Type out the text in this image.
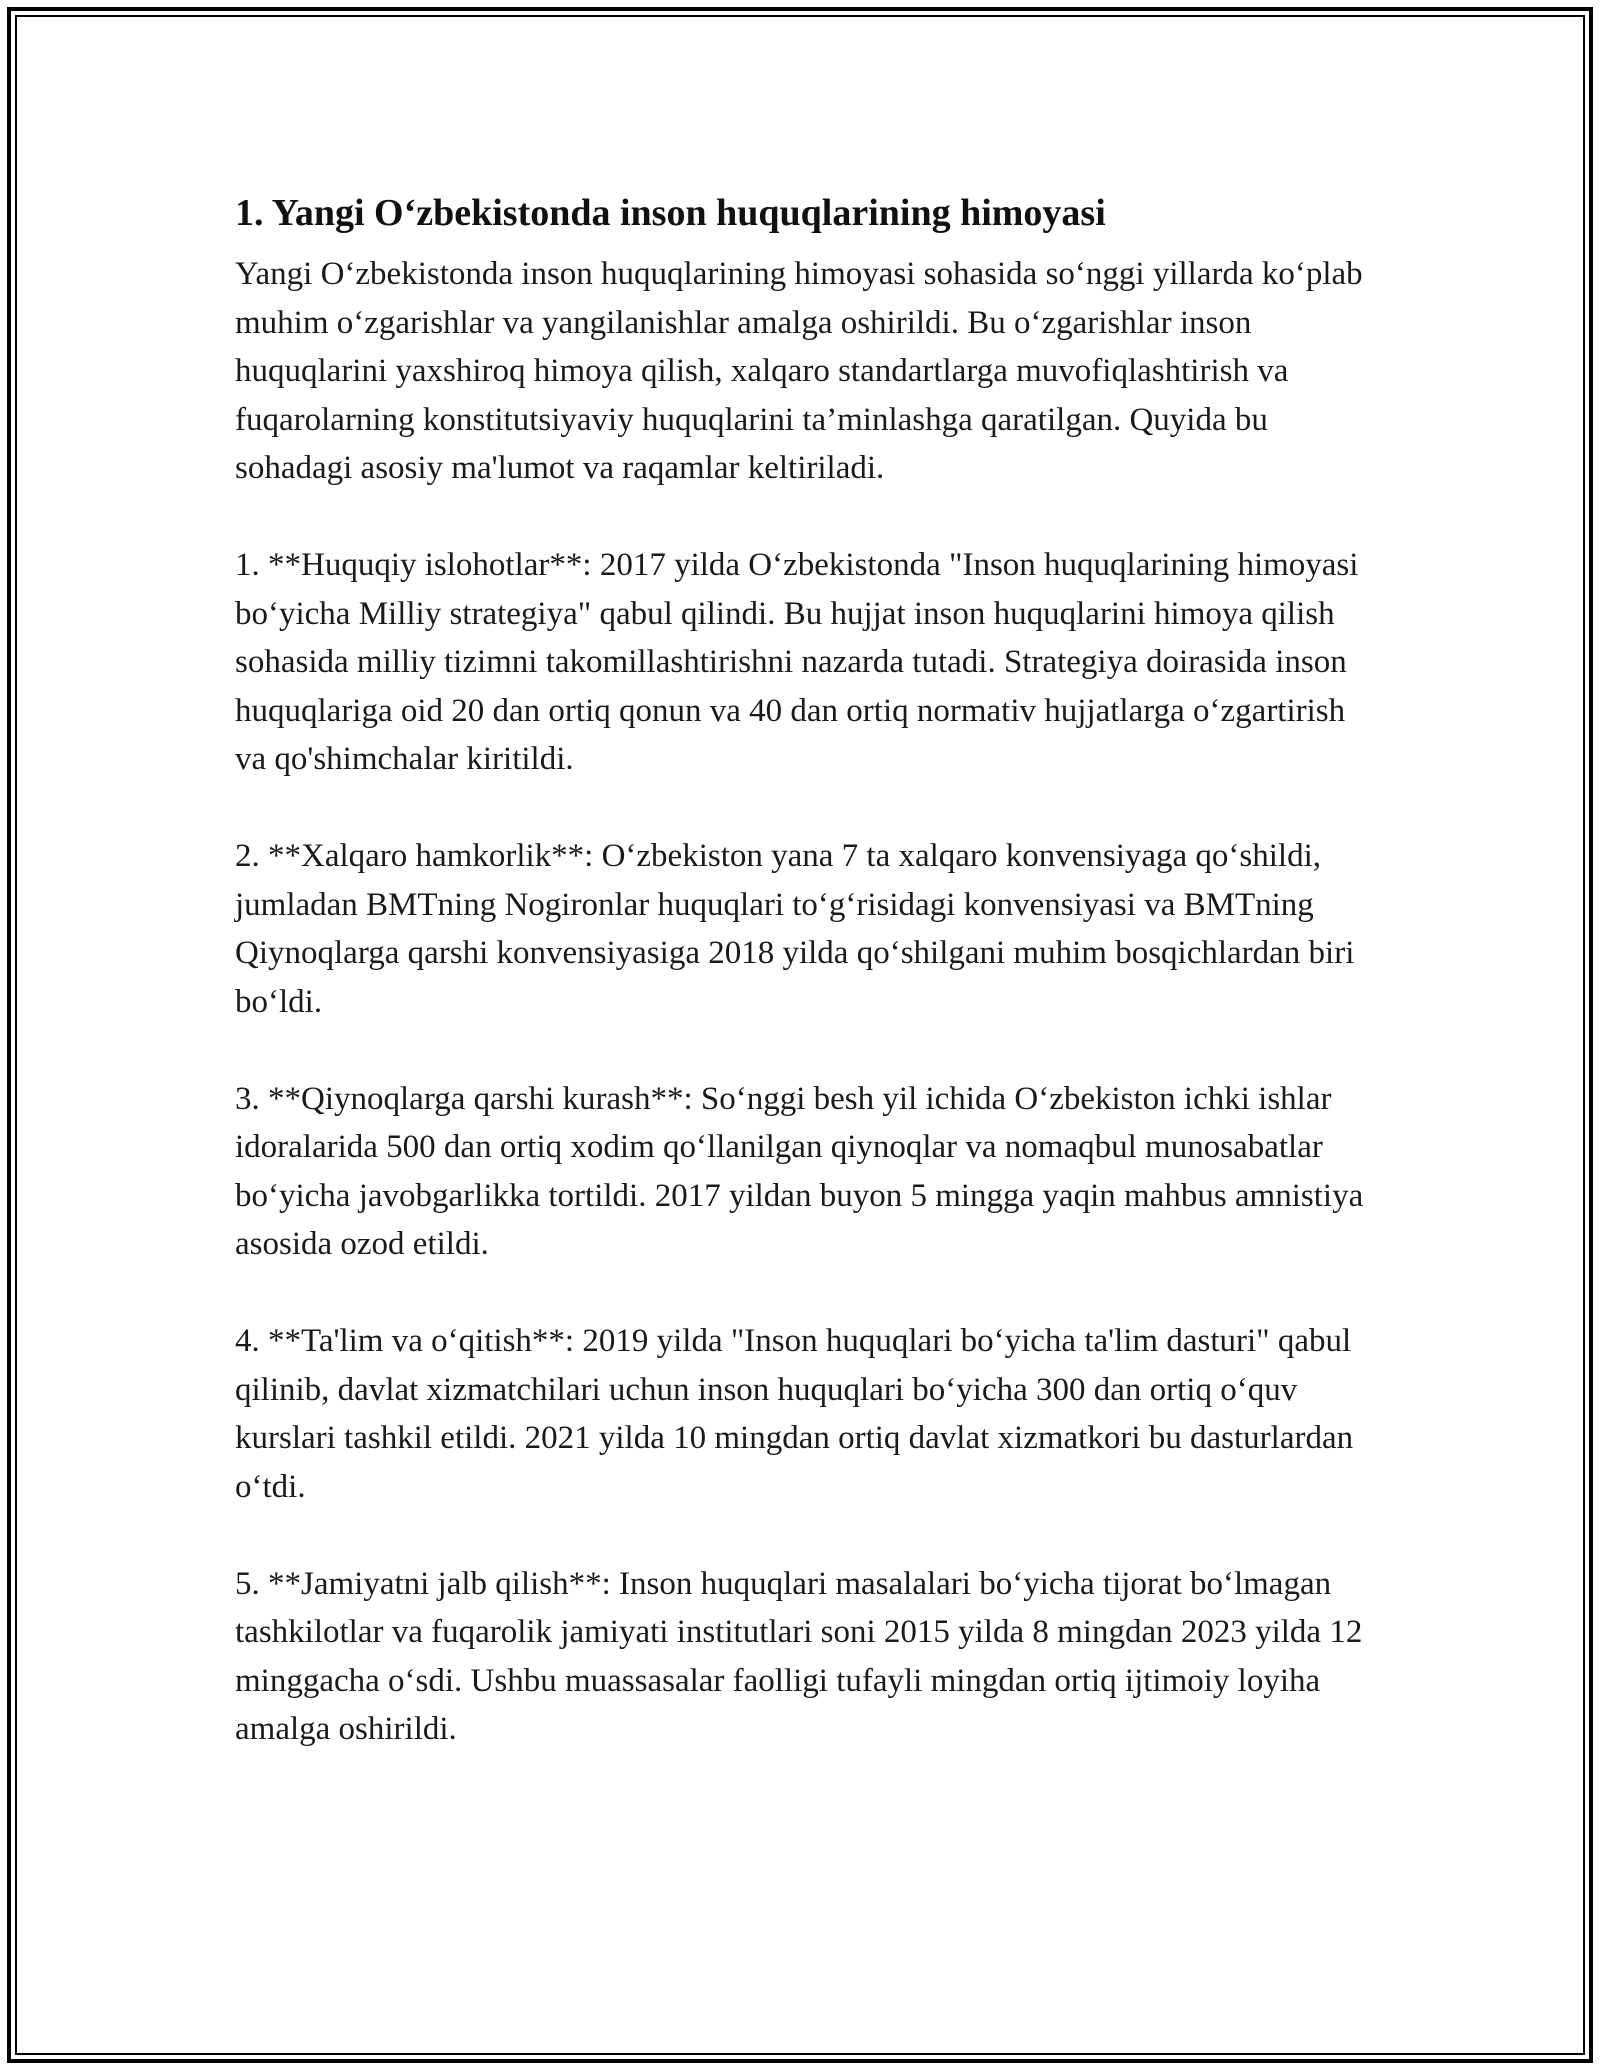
1. Yangi O‘zbekistonda inson huquqlarining himoyasi

Yangi O‘zbekistonda inson huquqlarining himoyasi sohasida so‘nggi yillarda ko‘plab muhim o‘zgarishlar va yangilanishlar amalga oshirildi. Bu o‘zgarishlar inson huquqlarini yaxshiroq himoya qilish, xalqaro standartlarga muvofiqlashtirish va fuqarolarning konstitutsiyaviy huquqlarini ta’minlashga qaratilgan. Quyida bu sohadagi asosiy ma'lumot va raqamlar keltiriladi.

1. **Huquqiy islohotlar**: 2017 yilda O‘zbekistonda "Inson huquqlarining himoyasi bo‘yicha Milliy strategiya" qabul qilindi. Bu hujjat inson huquqlarini himoya qilish sohasida milliy tizimni takomillashtirishni nazarda tutadi. Strategiya doirasida inson huquqlariga oid 20 dan ortiq qonun va 40 dan ortiq normativ hujjatlarga o‘zgartirish va qo'shimchalar kiritildi.

2. **Xalqaro hamkorlik**: O‘zbekiston yana 7 ta xalqaro konvensiyaga qo‘shildi, jumladan BMTning Nogironlar huquqlari to‘g‘risidagi konvensiyasi va BMTning Qiynoqlarga qarshi konvensiyasiga 2018 yilda qo‘shilgani muhim bosqichlardan biri bo‘ldi.

3. **Qiynoqlarga qarshi kurash**: So‘nggi besh yil ichida O‘zbekiston ichki ishlar idoralarida 500 dan ortiq xodim qo‘llanilgan qiynoqlar va nomaqbul munosabatlar bo‘yicha javobgarlikka tortildi. 2017 yildan buyon 5 mingga yaqin mahbus amnistiya asosida ozod etildi.

4. **Ta'lim va o‘qitish**: 2019 yilda "Inson huquqlari bo‘yicha ta'lim dasturi" qabul qilinib, davlat xizmatchilari uchun inson huquqlari bo‘yicha 300 dan ortiq o‘quv kurslari tashkil etildi. 2021 yilda 10 mingdan ortiq davlat xizmatkori bu dasturlardan o‘tdi.

5. **Jamiyatni jalb qilish**: Inson huquqlari masalalari bo‘yicha tijorat bo‘lmagan tashkilotlar va fuqarolik jamiyati institutlari soni 2015 yilda 8 mingdan 2023 yilda 12 minggacha o‘sdi. Ushbu muassasalar faolligi tufayli mingdan ortiq ijtimoiy loyiha amalga oshirildi.
